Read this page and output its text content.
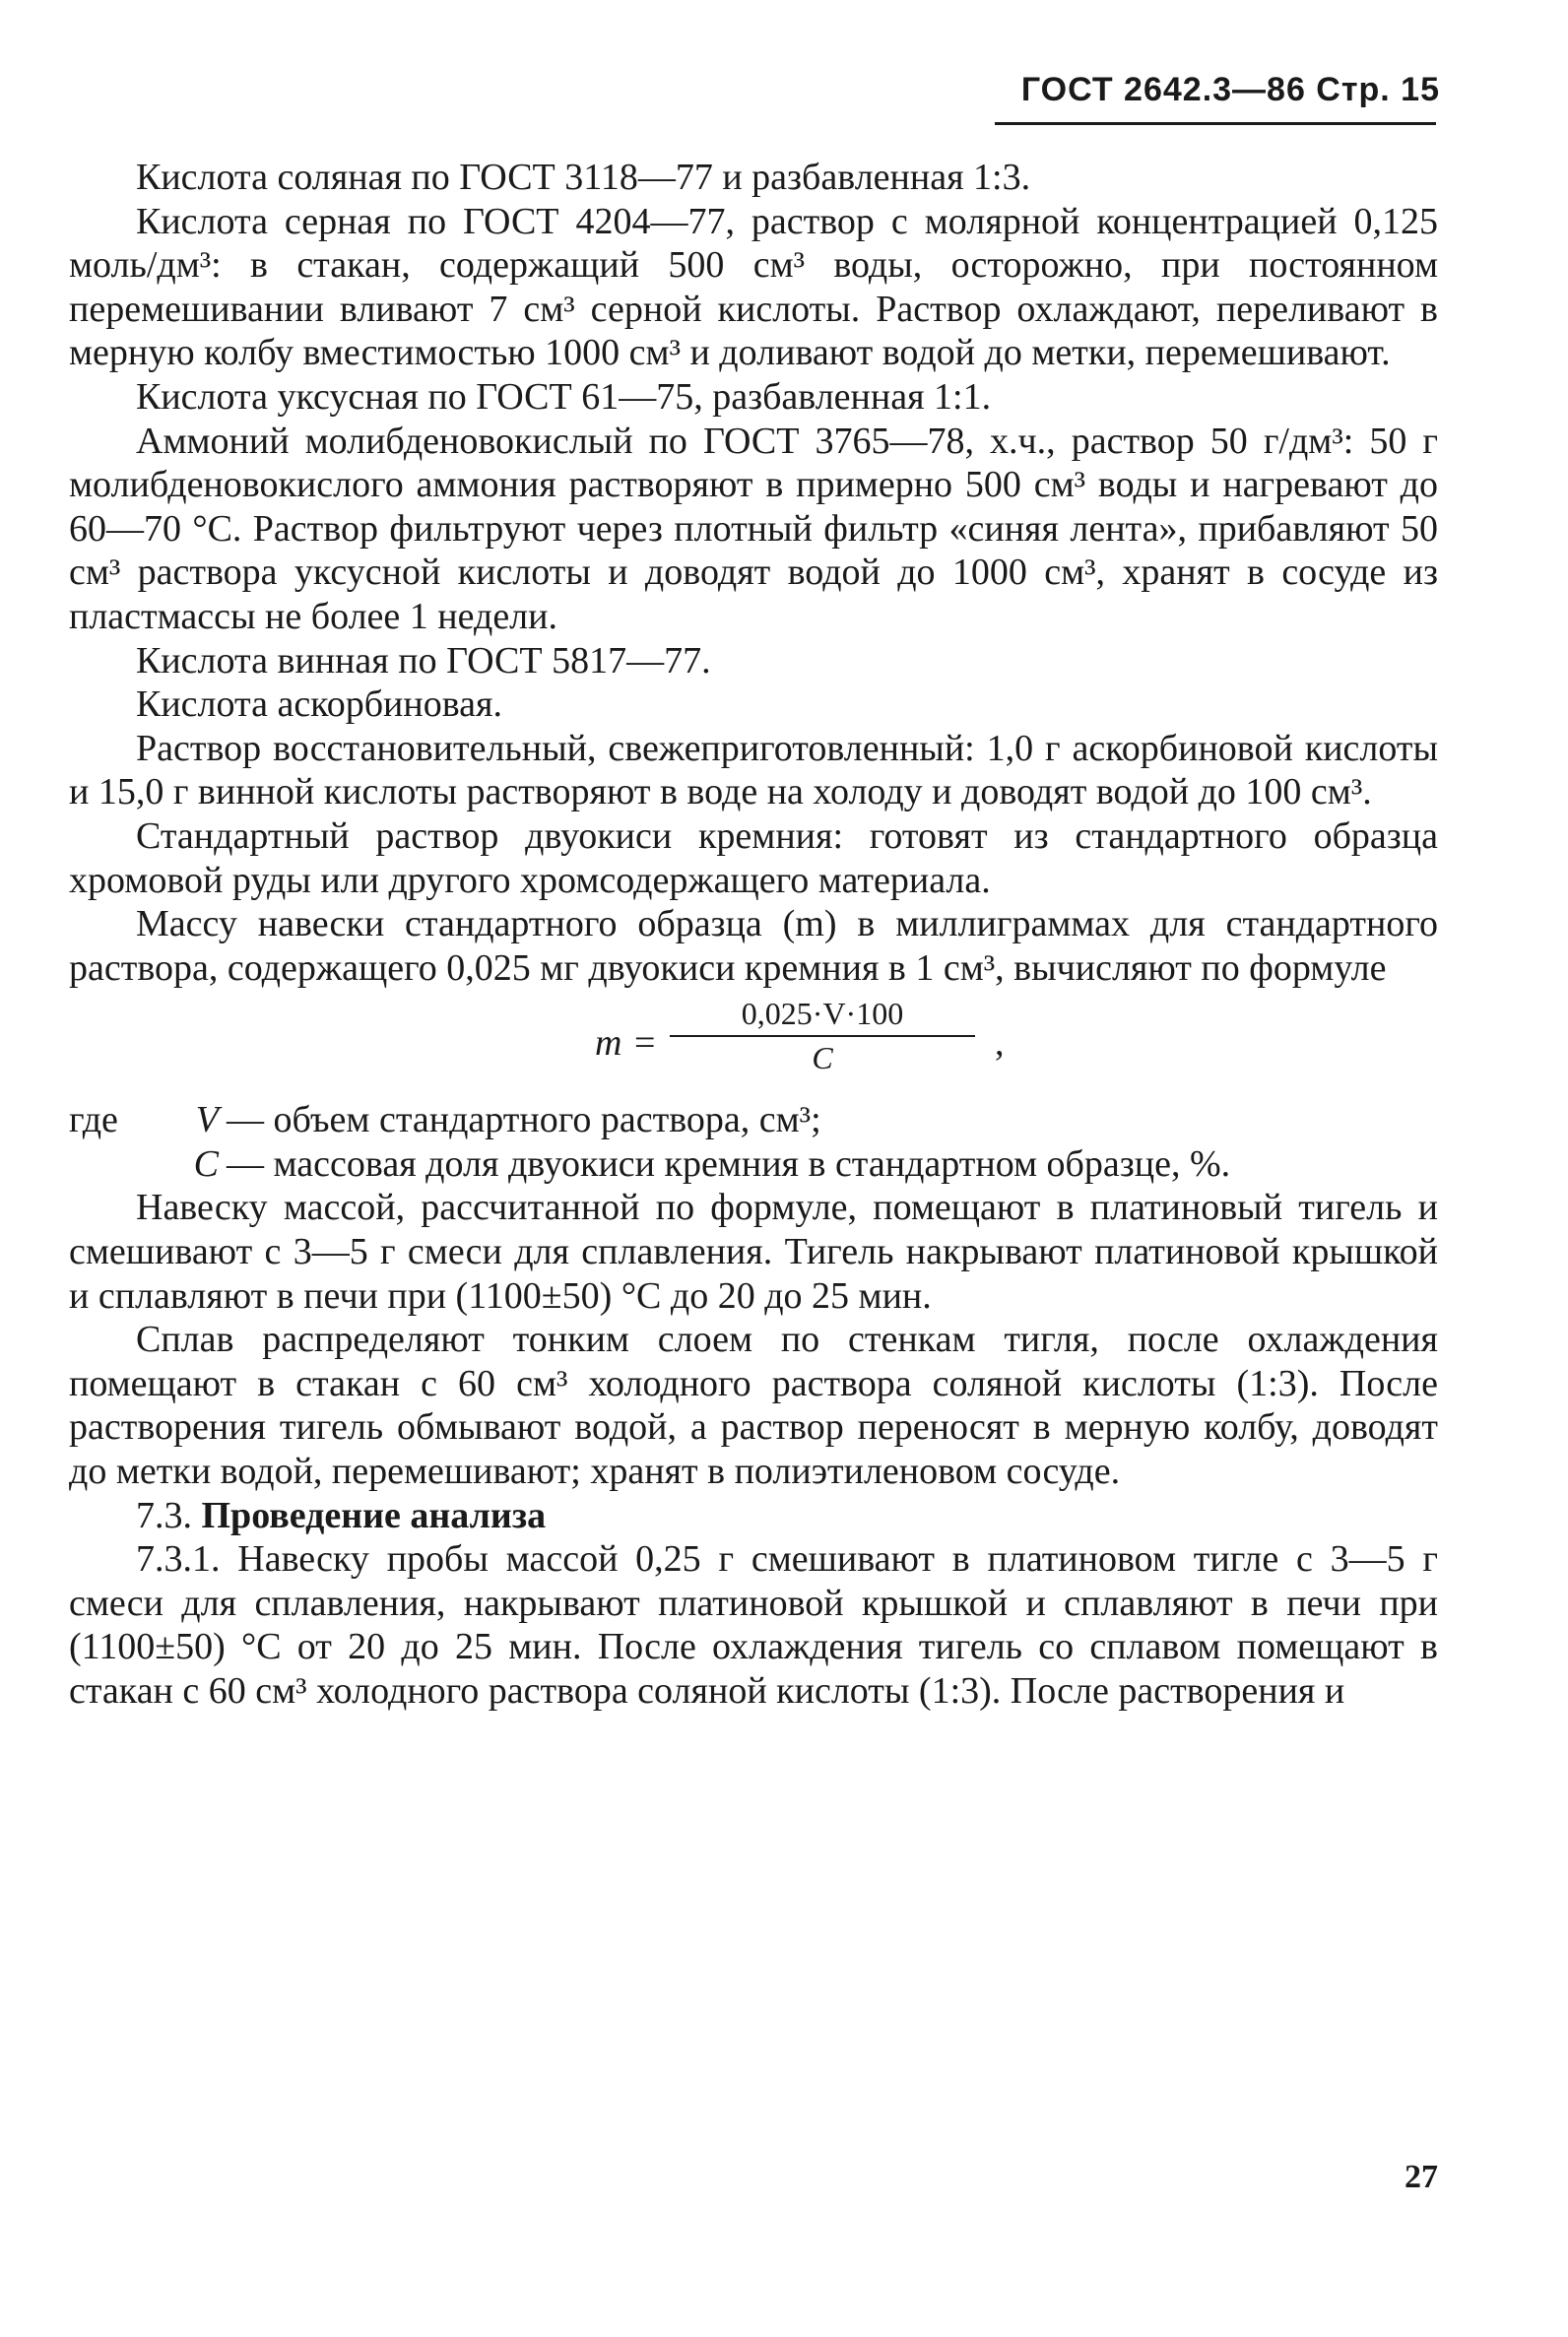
ГОСТ 2642.3—86 Стр. 15

Кислота соляная по ГОСТ 3118—77 и разбавленная 1:3.

Кислота серная по ГОСТ 4204—77, раствор с молярной концентрацией 0,125 моль/дм³: в стакан, содержащий 500 см³ воды, осторожно, при постоянном перемешивании вливают 7 см³ серной кислоты. Раствор охлаждают, переливают в мерную колбу вместимостью 1000 см³ и доливают водой до метки, перемешивают.

Кислота уксусная по ГОСТ 61—75, разбавленная 1:1.

Аммоний молибденовокислый по ГОСТ 3765—78, х.ч., раствор 50 г/дм³: 50 г молибденовокислого аммония растворяют в примерно 500 см³ воды и нагревают до 60—70 °С. Раствор фильтруют через плотный фильтр «синяя лента», прибавляют 50 см³ раствора уксусной кислоты и доводят водой до 1000 см³, хранят в сосуде из пластмассы не более 1 недели.

Кислота винная по ГОСТ 5817—77.

Кислота аскорбиновая.

Раствор восстановительный, свежеприготовленный: 1,0 г аскорбиновой кислоты и 15,0 г винной кислоты растворяют в воде на холоду и доводят водой до 100 см³.

Стандартный раствор двуокиси кремния: готовят из стандартного образца хромовой руды или другого хромсодержащего материала.

Массу навески стандартного образца (m) в миллиграммах для стандартного раствора, содержащего 0,025 мг двуокиси кремния в 1 см³, вычисляют по формуле

m =
0,025·V·100
C	,
где	V — объем стандартного раствора, см³;
C — массовая доля двуокиси кремния в стандартном образце, %.

Навеску массой, рассчитанной по формуле, помещают в платиновый тигель и смешивают с 3—5 г смеси для сплавления. Тигель накрывают платиновой крышкой и сплавляют в печи при (1100±50) °С до 20 до 25 мин.

Сплав распределяют тонким слоем по стенкам тигля, после охлаждения помещают в стакан с 60 см³ холодного раствора соляной кислоты (1:3). После растворения тигель обмывают водой, а раствор переносят в мерную колбу, доводят до метки водой, перемешивают; хранят в полиэтиленовом сосуде.

7.3. Проведение анализа

7.3.1. Навеску пробы массой 0,25 г смешивают в платиновом тигле с 3—5 г смеси для сплавления, накрывают платиновой крышкой и сплавляют в печи при (1100±50) °С от 20 до 25 мин. После охлаждения тигель со сплавом помещают в стакан с 60 см³ холодного раствора соляной кислоты (1:3). После растворения и

27
